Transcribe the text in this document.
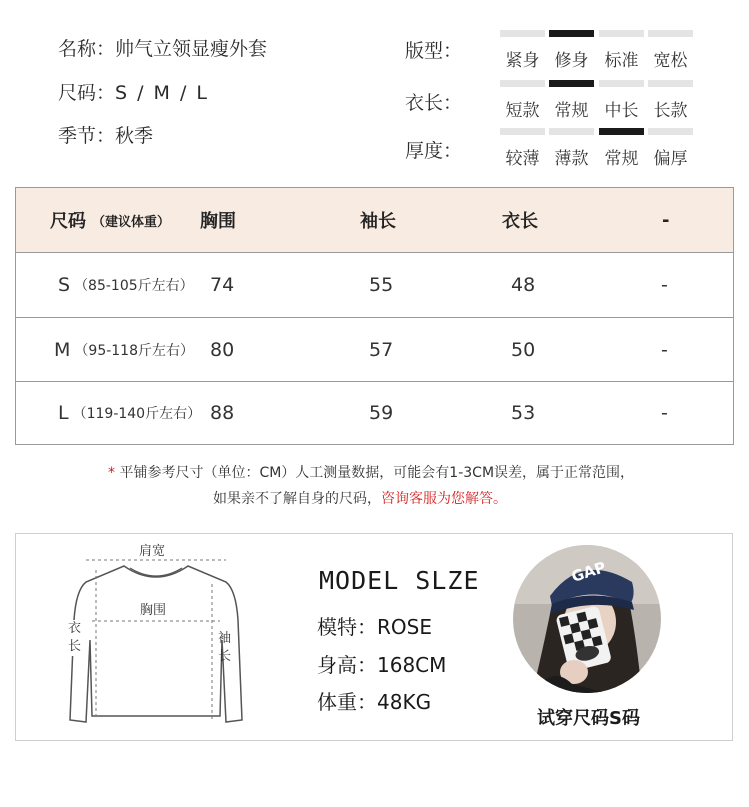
名称：帅气立领显瘦外套
尺码：S / M / L
季节：秋季
版型：
衣长：
厚度：
紧身 修身 标准 宽松
短款 常规 中长 长款
较薄 薄款 常规 偏厚
尺码 （建议体重） 胸围	袖长	衣长	-
S （85-105斤左右） 74	55	48	-
M （95-118斤左右） 80	57	50	-
L （119-140斤左右） 88	59	53	-
* 平铺参考尺寸（单位：CM）人工测量数据，可能会有1-3CM误差，属于正常范围，
如果亲不了解自身的尺码，咨询客服为您解答。
肩宽
胸围
衣长
袖长
MODEL SLZE
模特：ROSE
身高：168CM
体重：48KG
GAP
试穿尺码S码
